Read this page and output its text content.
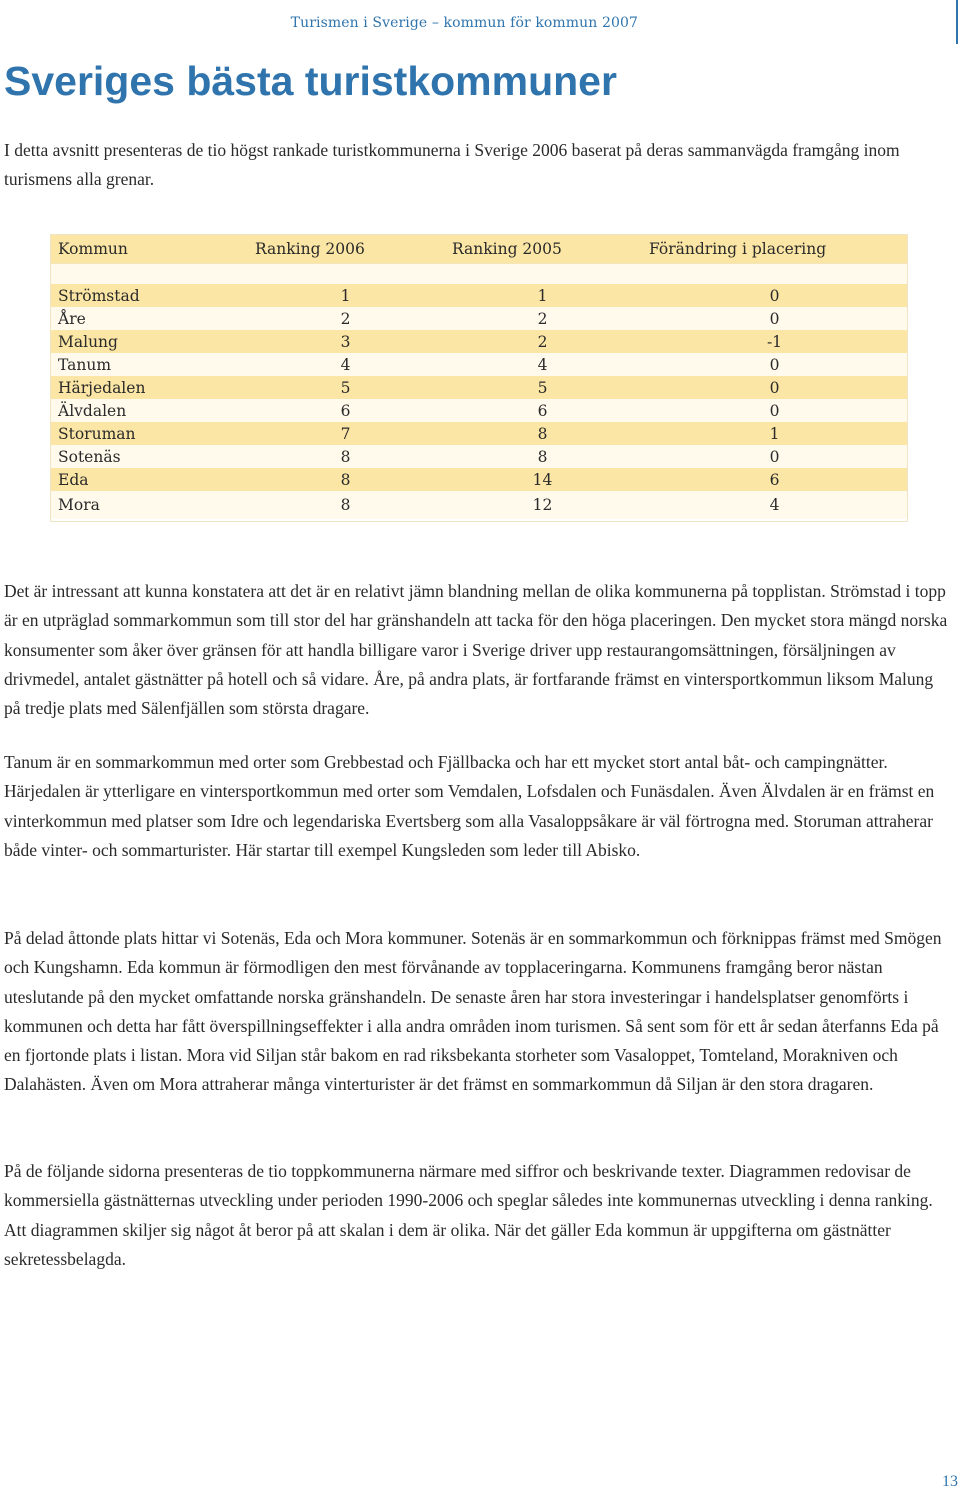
Turismen i Sverige – kommun för kommun 2007
Sveriges bästa turistkommuner

I detta avsnitt presenteras de tio högst rankade turistkommunerna i Sverige 2006 baserat på deras sammanvägda framgång inom turismens alla grenar.

Kommun	Ranking 2006	Ranking 2005	Förändring i placering

Strömstad	1	1	0
Åre	2	2	0
Malung	3	2	-1
Tanum	4	4	0
Härjedalen	5	5	0
Älvdalen	6	6	0
Storuman	7	8	1
Sotenäs	8	8	0
Eda	8	14	6
Mora	8	12	4

Det är intressant att kunna konstatera att det är en relativt jämn blandning mellan de olika kommunerna på topplistan. Strömstad i topp är en utpräglad sommarkommun som till stor del har gränshandeln att tacka för den höga placeringen. Den mycket stora mängd norska konsumenter som åker över gränsen för att handla billigare varor i Sverige driver upp restaurangomsättningen, försäljningen av drivmedel, antalet gästnätter på hotell och så vidare. Åre, på andra plats, är fortfarande främst en vintersportkommun liksom Malung på tredje plats med Sälenfjällen som största dragare.

Tanum är en sommarkommun med orter som Grebbestad och Fjällbacka och har ett mycket stort antal båt- och campingnätter. Härjedalen är ytterligare en vintersportkommun med orter som Vemdalen, Lofsdalen och Funäsdalen. Även Älvdalen är en främst en vinterkommun med platser som Idre och legendariska Evertsberg som alla Vasaloppsåkare är väl förtrogna med. Storuman attraherar både vinter- och sommarturister. Här startar till exempel Kungsleden som leder till Abisko.

På delad åttonde plats hittar vi Sotenäs, Eda och Mora kommuner. Sotenäs är en sommarkommun och förknippas främst med Smögen och Kungshamn. Eda kommun är förmodligen den mest förvånande av topplaceringarna. Kommunens framgång beror nästan uteslutande på den mycket omfattande norska gränshandeln. De senaste åren har stora investeringar i handelsplatser genomförts i kommunen och detta har fått överspillningseffekter i alla andra områden inom turismen. Så sent som för ett år sedan återfanns Eda på en fjortonde plats i listan. Mora vid Siljan står bakom en rad riksbekanta storheter som Vasaloppet, Tomteland, Morakniven och Dalahästen. Även om Mora attraherar många vinterturister är det främst en sommarkommun då Siljan är den stora dragaren.

På de följande sidorna presenteras de tio toppkommunerna närmare med siffror och beskrivande texter. Diagrammen redovisar de kommersiella gästnätternas utveckling under perioden 1990-2006 och speglar således inte kommunernas utveckling i denna ranking. Att diagrammen skiljer sig något åt beror på att skalan i dem är olika. När det gäller Eda kommun är uppgifterna om gästnätter sekretessbelagda.

13
